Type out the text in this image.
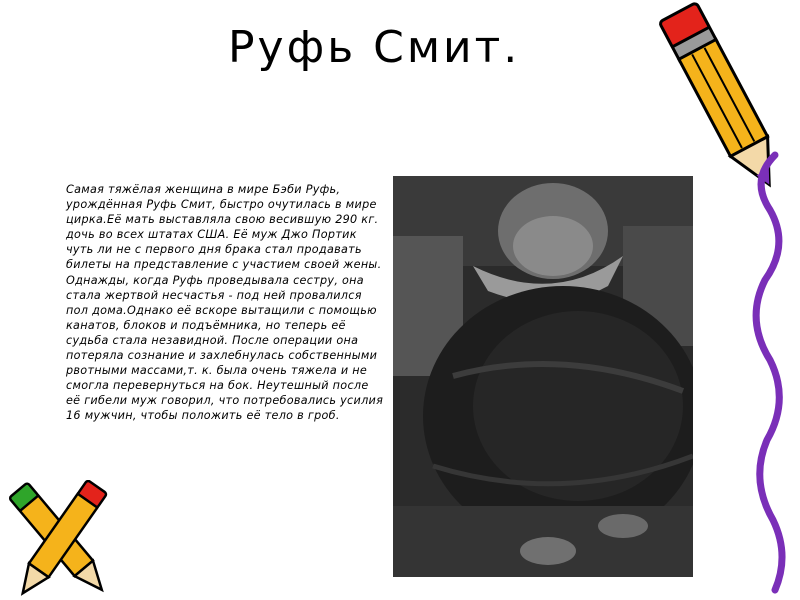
Руфь Смит.

Самая тяжёлая женщина в мире Бэби Руфь, урождённая Руфь Смит, быстро очутилась в мире цирка.Её мать выставляла свою весившую 290 кг. дочь во всех штатах США. Её муж Джо Портик чуть ли не с первого дня брака стал продавать билеты на представление с участием своей жены. Однажды, когда Руфь проведывала сестру, она стала жертвой несчастья - под ней провалился пол дома.Однако её вскоре вытащили с помощью канатов, блоков и подъёмника, но теперь её судьба стала незавидной. После операции она потеряла сознание и захлебнулась собственными рвотными массами,т. к. была очень тяжела и не смогла перевернуться на бок. Неутешный после её гибели муж говорил, что потребовались усилия 16 мужчин, чтобы положить её тело в гроб.
